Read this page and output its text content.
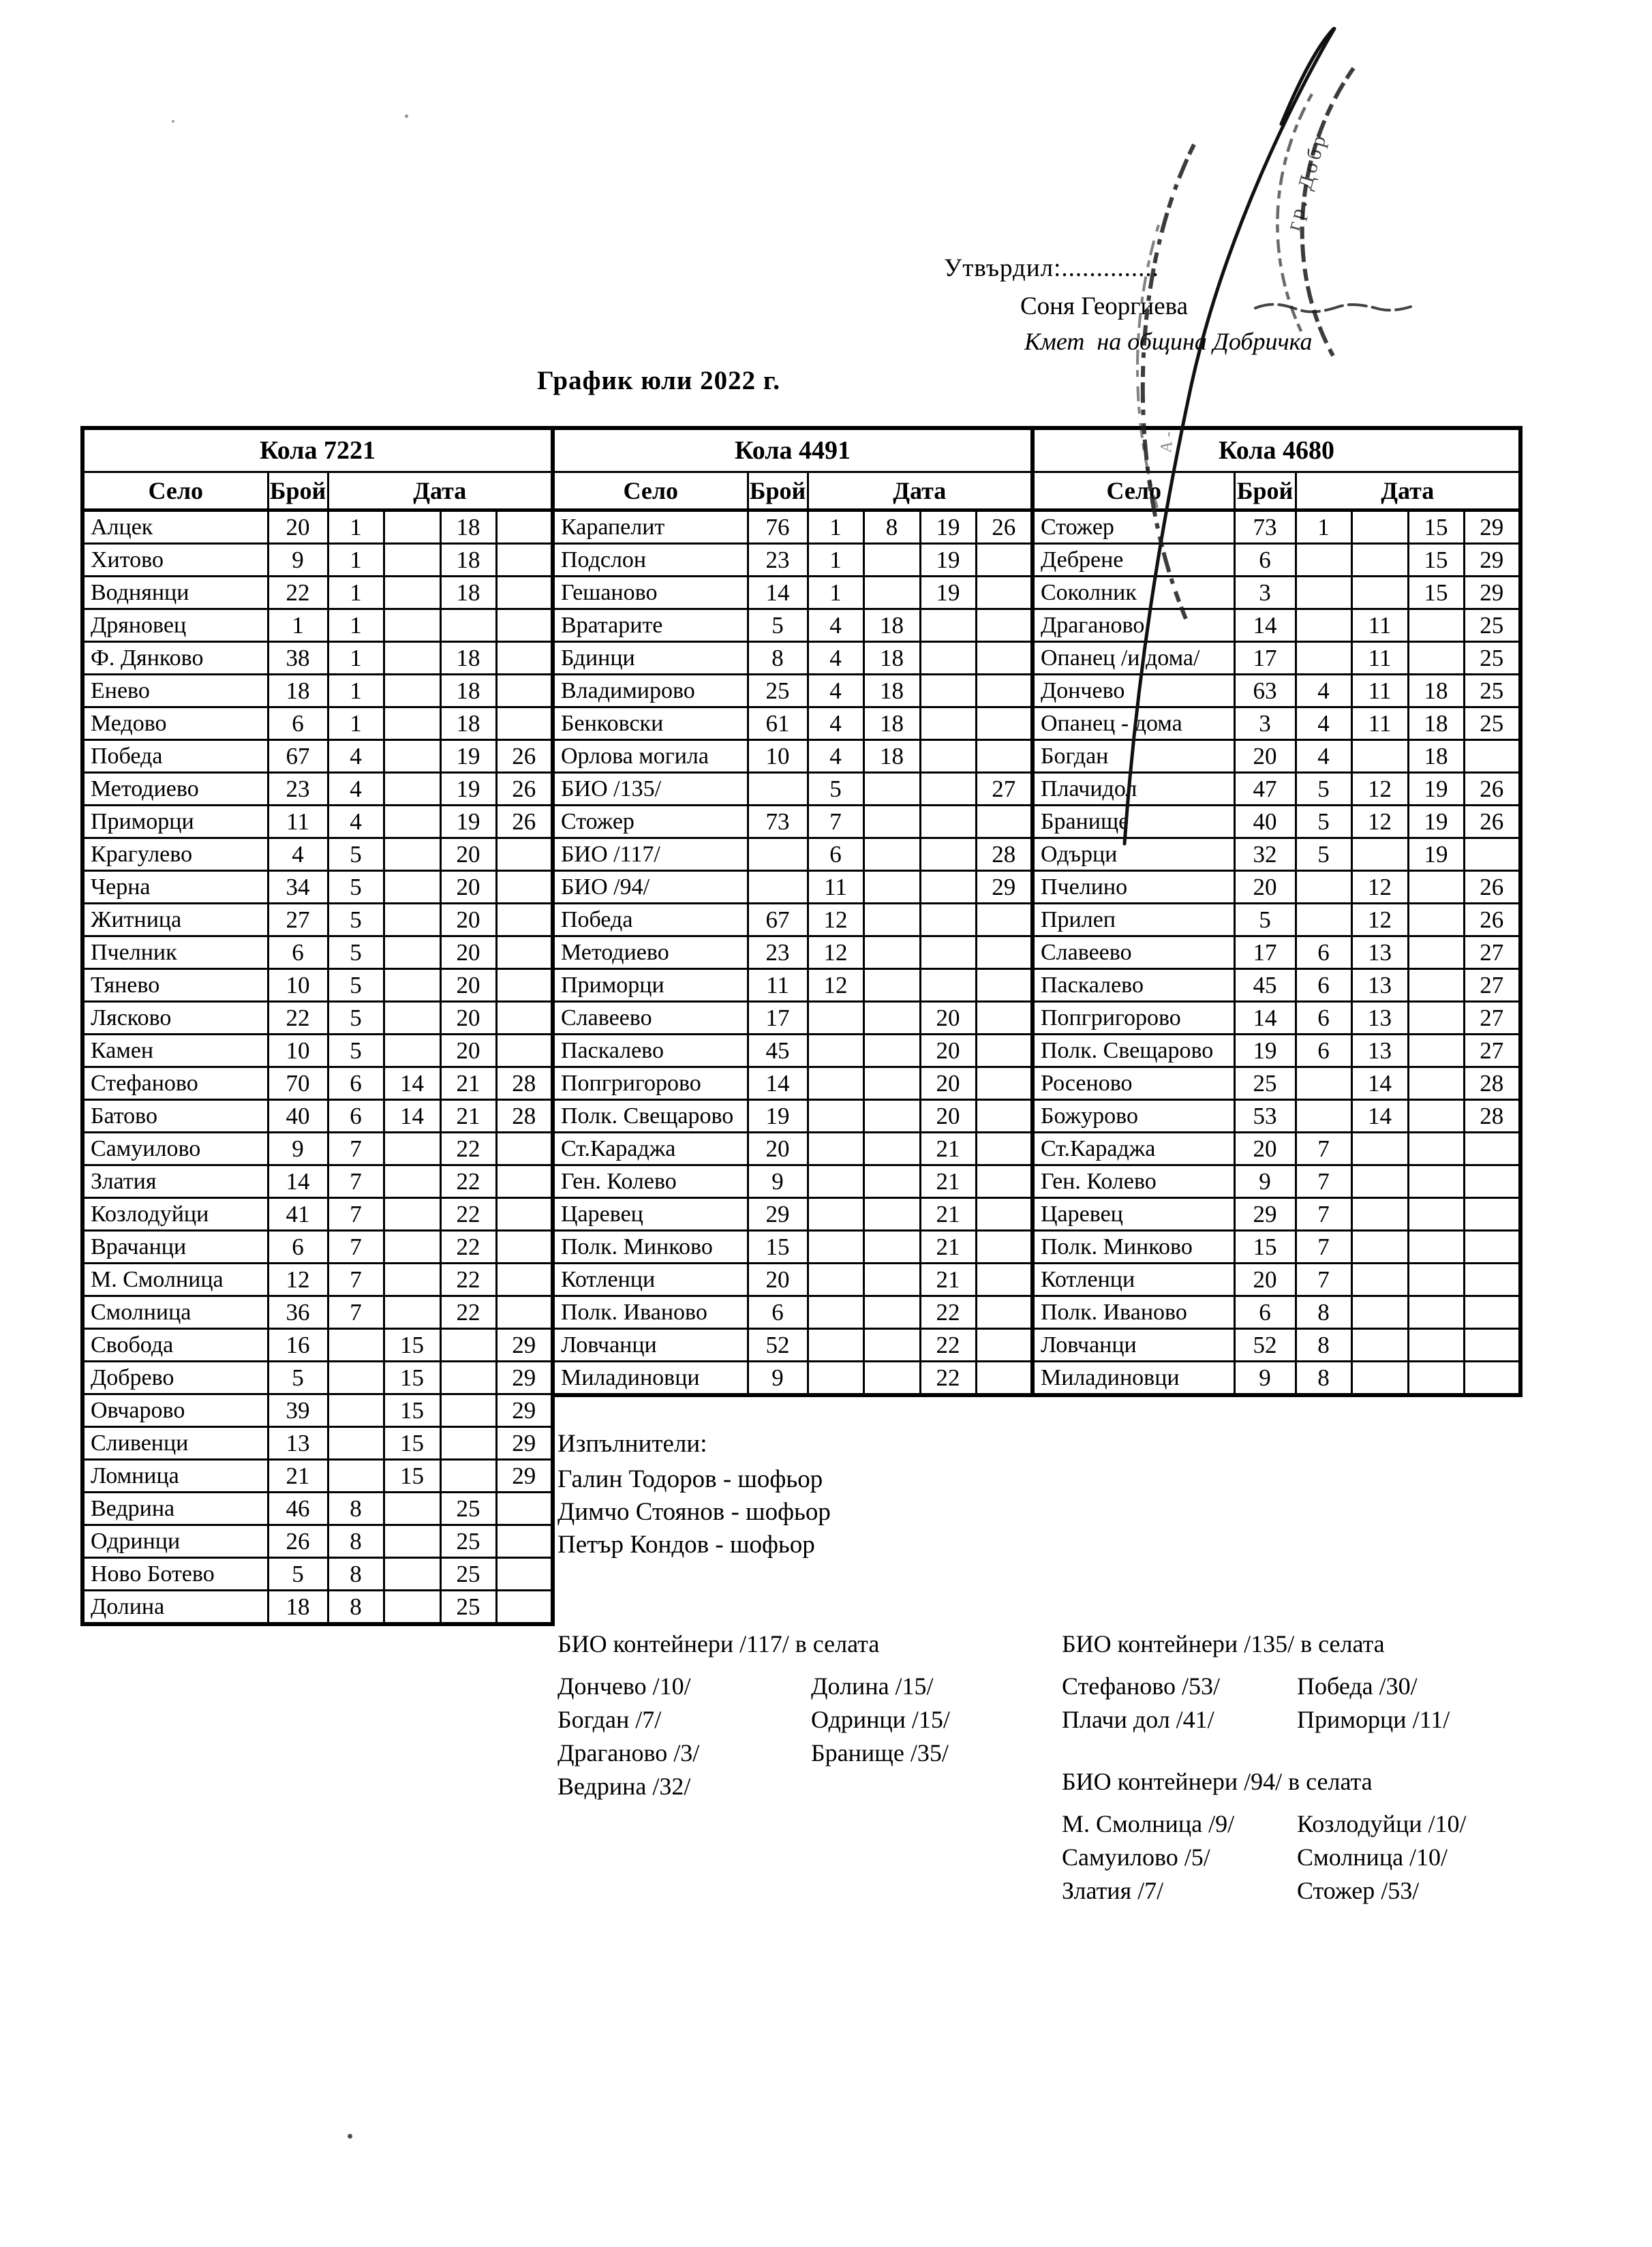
Утвърдил:..............
Соня Георгиева
Кмет  на община Добричка
График юли 2022 г.
Кола 7221					
Село	Брой	Дата			
Алцек	20	1		18	
Хитово	9	1		18	
Воднянци	22	1		18	
Дряновец	1	1			
Ф. Дянково	38	1		18	
Енево	18	1		18	
Медово	6	1		18	
Победа	67	4		19	26
Методиево	23	4		19	26
Приморци	11	4		19	26
Крагулево	4	5		20	
Черна	34	5		20	
Житница	27	5		20	
Пчелник	6	5		20	
Тянево	10	5		20	
Лясково	22	5		20	
Камен	10	5		20	
Стефаново	70	6	14	21	28
Батово	40	6	14	21	28
Самуилово	9	7		22	
Златия	14	7		22	
Козлодуйци	41	7		22	
Врачанци	6	7		22	
М. Смолница	12	7		22	
Смолница	36	7		22	
Свобода	16		15		29
Добрево	5		15		29
Овчарово	39		15		29
Сливенци	13		15		29
Ломница	21		15		29
Ведрина	46	8		25	
Одринци	26	8		25	
Ново Ботево	5	8		25	
Долина	18	8		25	
Кола 4491					
Село	Брой	Дата			
Карапелит	76	1	8	19	26
Подслон	23	1		19	
Гешаново	14	1		19	
Вратарите	5	4	18		
Бдинци	8	4	18		
Владимирово	25	4	18		
Бенковски	61	4	18		
Орлова могила	10	4	18		
БИО /135/		5			27
Стожер	73	7			
БИО /117/		6			28
БИО /94/		11			29
Победа	67	12			
Методиево	23	12			
Приморци	11	12			
Славеево	17			20	
Паскалево	45			20	
Попгригорово	14			20	
Полк. Свещарово	19			20	
Ст.Караджа	20			21	
Ген. Колево	9			21	
Царевец	29			21	
Полк. Минково	15			21	
Котленци	20			21	
Полк. Иваново	6			22	
Ловчанци	52			22	
Миладиновци	9			22	
Кола 4680					
Село	Брой	Дата			
Стожер	73	1		15	29
Дебрене	6			15	29
Соколник	3			15	29
Драганово	14		11		25
Опанец /и дома/	17		11		25
Дончево	63	4	11	18	25
Опанец - дома	3	4	11	18	25
Богдан	20	4		18	
Плачидол	47	5	12	19	26
Бранище	40	5	12	19	26
Одърци	32	5		19	
Пчелино	20		12		26
Прилеп	5		12		26
Славеево	17	6	13		27
Паскалево	45	6	13		27
Попгригорово	14	6	13		27
Полк. Свещарово	19	6	13		27
Росеново	25		14		28
Божурово	53		14		28
Ст.Караджа	20	7			
Ген. Колево	9	7			
Царевец	29	7			
Полк. Минково	15	7			
Котленци	20	7			
Полк. Иваново	6	8			
Ловчанци	52	8			
Миладиновци	9	8			
Изпълнители:
Галин Тодоров - шофьор
Димчо Стоянов - шофьор
Петър Кондов - шофьор
БИО контейнери /117/ в селата
Дончево /10/
Богдан /7/
Драганово /3/
Ведрина /32/
Долина /15/
Одринци /15/
Бранище /35/
БИО контейнери /135/ в селата
Стефаново /53/
Плачи дол /41/
Победа /30/
Приморци /11/
БИО контейнери /94/ в селата
М. Смолница /9/
Самуилово /5/
Златия /7/
Козлодуйци /10/
Смолница /10/
Стожер /53/
гр. Добр
А -
